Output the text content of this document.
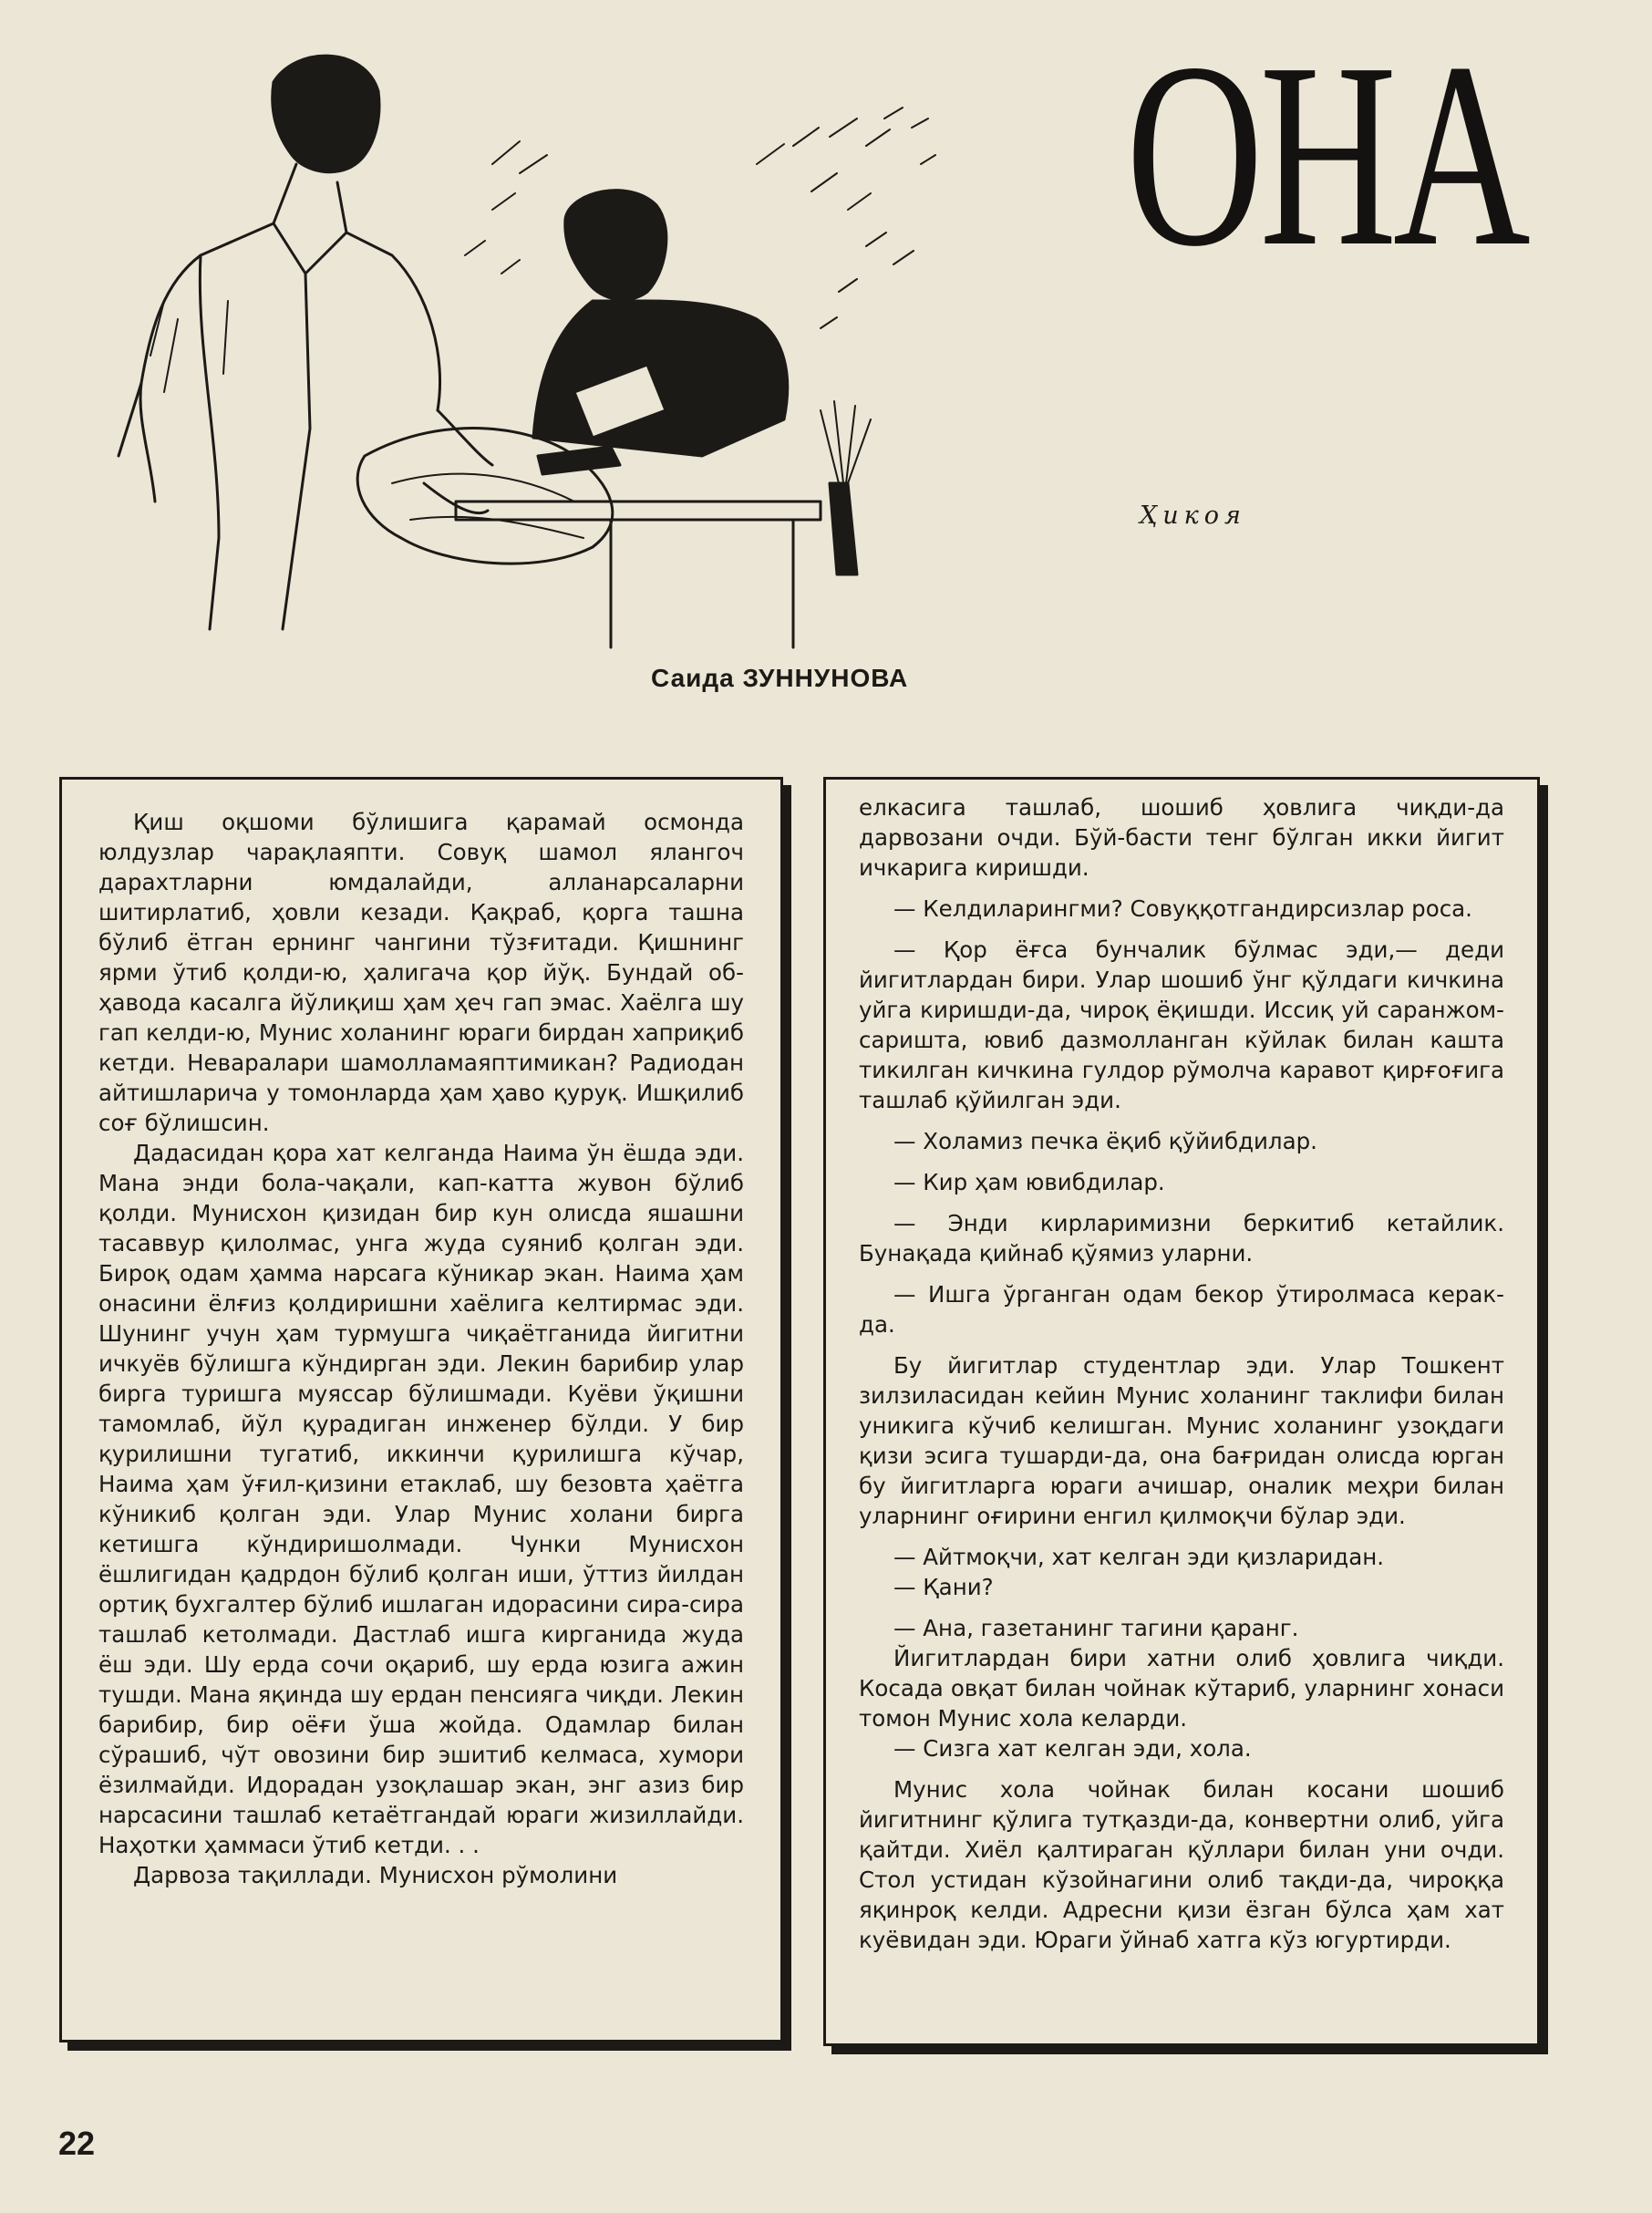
ОНА
Ҳикоя
Саида ЗУННУНОВА

Қиш оқшоми бўлишига қарамай осмонда юлдузлар чарақлаяпти. Совуқ шамол ялангоч дарахтларни юмдалайди, алланарсаларни шитирлатиб, ҳовли кезади. Қақраб, қорга ташна бўлиб ётган ернинг чангини тўзғитади. Қишнинг ярми ўтиб қолди-ю, ҳалигача қор йўқ. Бундай об-ҳавода касалга йўлиқиш ҳам ҳеч гап эмас. Хаёлга шу гап келди-ю, Мунис холанинг юраги бирдан хаприқиб кетди. Невaралари шамолламаяптимикан? Радиодан айтишларича у томонларда ҳам ҳаво қуруқ. Ишқилиб соғ бўлишсин.

Дадасидан қора хат келганда Наима ўн ёшда эди. Мана энди бола-чақали, кап-катта жувон бўлиб қолди. Мунисхон қизидан бир кун олисда яшашни тасаввур қилолмас, унга жуда суяниб қолган эди. Бироқ одам ҳамма нарсага кўникар экан. Наима ҳам онасини ёлғиз қолдиришни хаёлига келтирмас эди. Шунинг учун ҳам турмушга чиқаётганида йигитни ичкуёв бўлишга кўндирган эди. Лекин барибир улар бирга туришга муяссар бўлишмади. Куёви ўқишни тамомлаб, йўл қурадиган инженер бўлди. У бир қурилишни тугатиб, иккинчи қурилишга кўчар, Наима ҳам ўғил-қизини етаклаб, шу безовта ҳаётга кўникиб қолган эди. Улар Мунис холани бирга кетишга кўндиришолмади. Чунки Мунисхон ёшлигидан қадрдон бўлиб қолган иши, ўттиз йилдан ортиқ бухгалтер бўлиб ишлаган идорасини сира-сира ташлаб кетолмади. Дастлаб ишга кирганида жуда ёш эди. Шу ерда сочи оқариб, шу ерда юзига ажин тушди. Мана яқинда шу ердан пенсияга чиқди. Лекин барибир, бир оёғи ўша жойда. Одамлар билан сўрашиб, чўт овозини бир эшитиб келмаса, хумори ёзилмайди. Идорадан узоқлашар экан, энг азиз бир нарсасини ташлаб кетаётгандай юраги жизиллайди. Наҳотки ҳаммаси ўтиб кетди. . .

Дарвоза тақиллади. Мунисхон рўмолини

елкасига ташлаб, шошиб ҳовлига чиқди-да дарвозани очди. Бўй-басти тенг бўлган икки йигит ичкарига киришди.

— Келдиларингми? Совуққотгандирсизлар роса.

— Қор ёғса бунчалик бўлмас эди,— деди йигитлардан бири. Улар шошиб ўнг қўлдаги кичкина уйга киришди-да, чироқ ёқишди. Иссиқ уй саранжом-саришта, ювиб дазмолланган кўйлак билан кашта тикилган кичкина гулдор рўмолча каравот қирғоғига ташлаб қўйилган эди.

— Холамиз печка ёқиб қўйибдилар.

— Кир ҳам ювибдилар.

— Энди кирларимизни беркитиб кетайлик. Бунақада қийнаб қўямиз уларни.

— Ишга ўрганган одам бекор ўтиролмаса керак-да.

Бу йигитлар студентлар эди. Улар Тошкент зилзиласидан кейин Мунис холанинг таклифи билан уникига кўчиб келишган. Мунис холанинг узоқдаги қизи эсига тушарди-да, она бағридан олисда юрган бу йигитларга юраги ачишар, оналик меҳри билан уларнинг оғирини енгил қилмоқчи бўлар эди.

— Айтмоқчи, хат келган эди қизларидан.

— Қани?

— Ана, газетанинг тагини қаранг.

Йигитлардан бири хатни олиб ҳовлига чиқди. Косада овқат билан чойнак кўтариб, уларнинг хонаси томон Мунис хола келарди.

— Сизга хат келган эди, хола.

Мунис хола чойнак билан косани шошиб йигитнинг қўлига тутқазди-да, конвертни олиб, уйга қайтди. Хиёл қалтираган қўллари билан уни очди. Стол устидан кўзойнагини олиб тақди-да, чироққа яқинроқ келди. Адресни қизи ёзган бўлса ҳам хат куёвидан эди. Юраги ўйнаб хатга кўз югуртирди.

22
